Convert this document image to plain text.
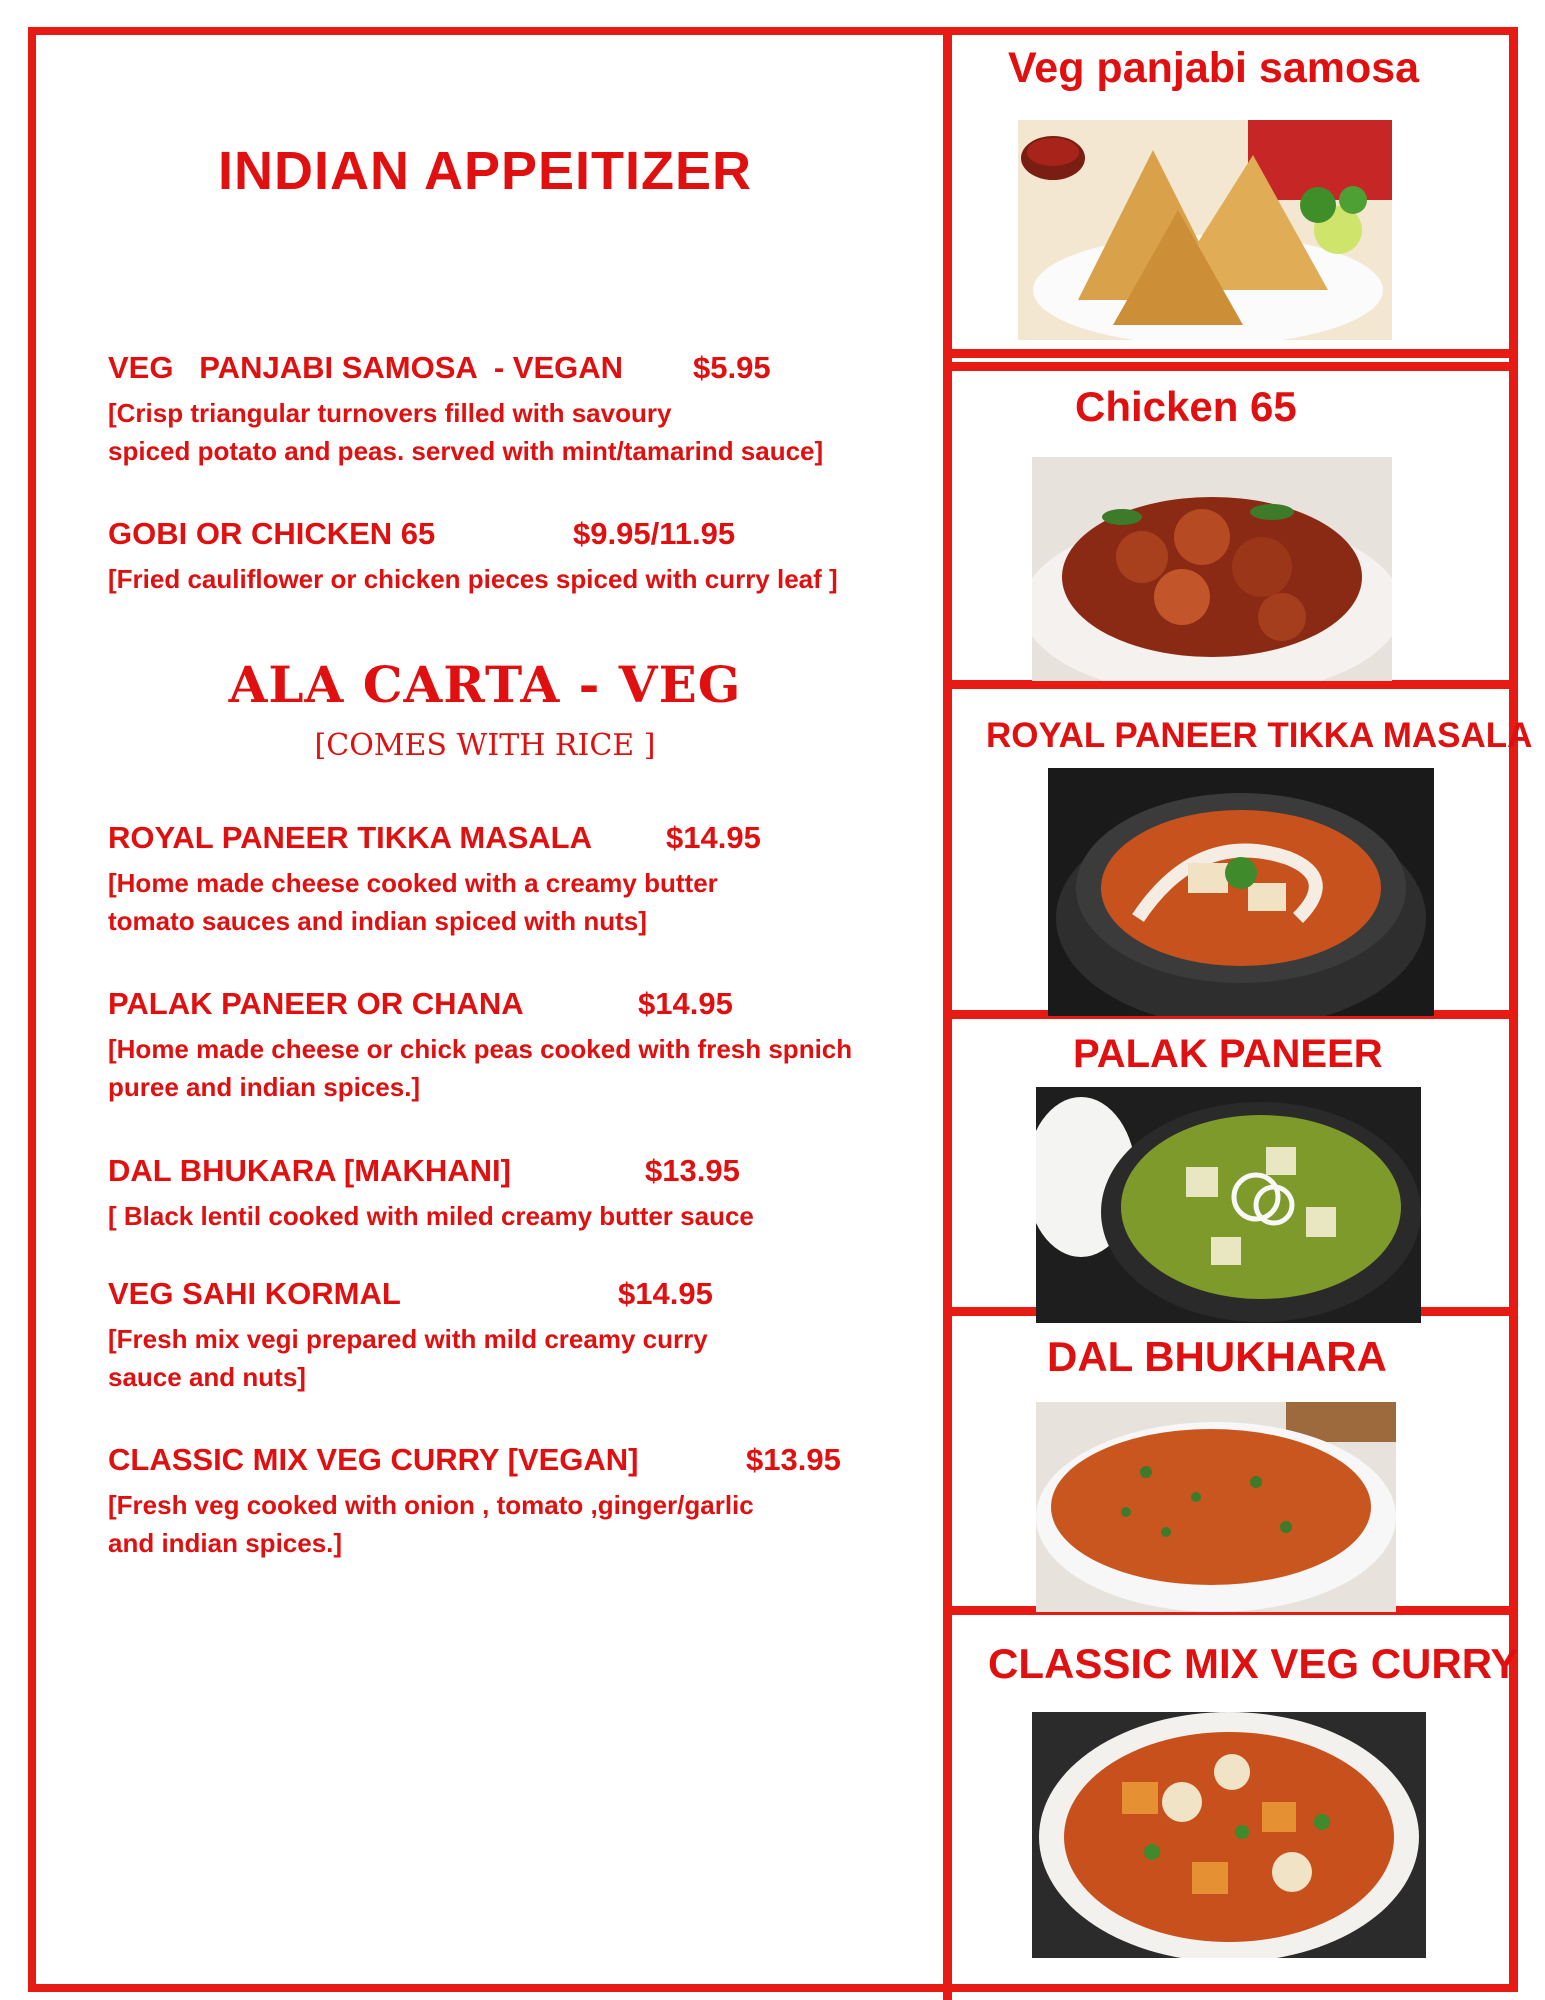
INDIAN APPEITIZER
VEG   PANJABI SAMOSA  - VEGAN	$5.95
[Crisp triangular turnovers filled with savoury
spiced potato and peas. served with mint/tamarind sauce]
GOBI OR CHICKEN 65	$9.95/11.95
[Fried cauliflower or chicken pieces spiced with curry leaf ]
ALA CARTA - VEG
[COMES WITH RICE ]
ROYAL PANEER TIKKA MASALA	$14.95
[Home made cheese cooked with a creamy butter
tomato sauces and indian spiced with nuts]
PALAK PANEER OR CHANA	$14.95
[Home made cheese or chick peas cooked with fresh spnich
puree and indian spices.]
DAL BHUKARA [MAKHANI]	$13.95
[ Black lentil cooked with miled creamy butter sauce
VEG SAHI KORMAL	$14.95
[Fresh mix vegi prepared with mild creamy curry
sauce and nuts]
CLASSIC MIX VEG CURRY [VEGAN]	$13.95
[Fresh veg cooked with onion , tomato ,ginger/garlic
and indian spices.]
Veg panjabi samosa
Chicken 65
ROYAL PANEER TIKKA MASALA
PALAK PANEER
DAL BHUKHARA
CLASSIC MIX VEG CURRY
